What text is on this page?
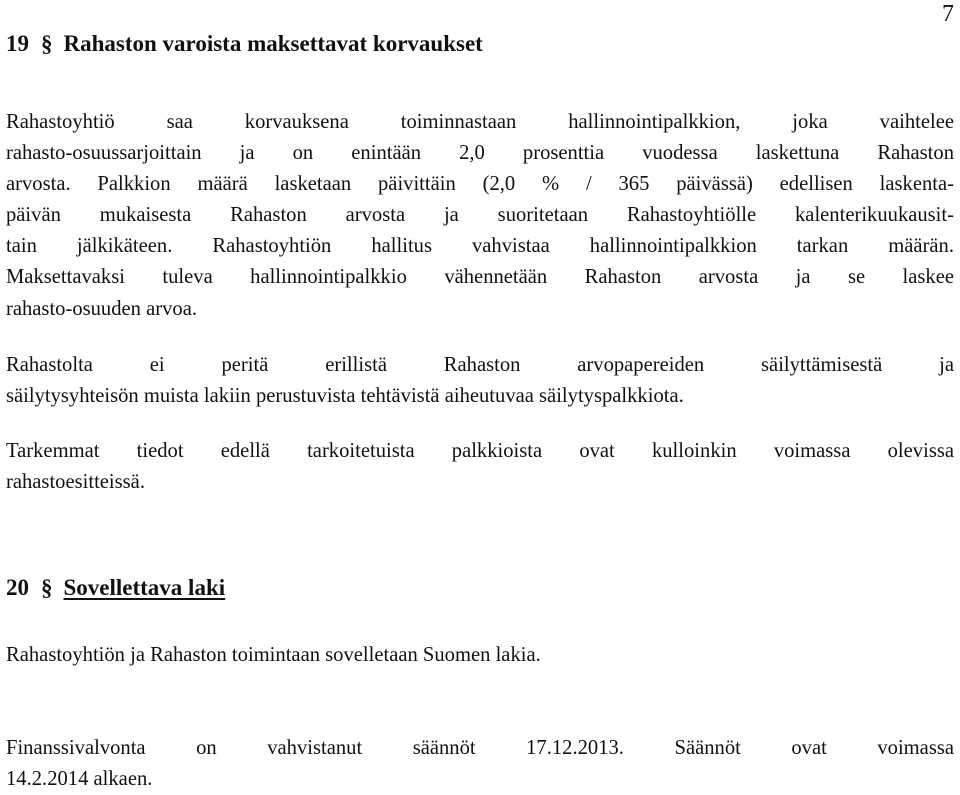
7
19 § Rahaston varoista maksettavat korvaukset
Rahastoyhtiö saa korvauksena toiminnastaan hallinnointipalkkion, joka vaihtelee
rahasto-osuussarjoittain ja on enintään 2,0 prosenttia vuodessa laskettuna Rahaston
arvosta. Palkkion määrä lasketaan päivittäin (2,0 % / 365 päivässä) edellisen laskenta-
päivän mukaisesta Rahaston arvosta ja suoritetaan Rahastoyhtiölle kalenterikuukausit-
tain jälkikäteen. Rahastoyhtiön hallitus vahvistaa hallinnointipalkkion tarkan määrän.
Maksettavaksi tuleva hallinnointipalkkio vähennetään Rahaston arvosta ja se laskee
rahasto-osuuden arvoa.
Rahastolta ei peritä erillistä Rahaston arvopapereiden säilyttämisestä ja
säilytysyhteisön muista lakiin perustuvista tehtävistä aiheutuvaa säilytyspalkkiota.
Tarkemmat tiedot edellä tarkoitetuista palkkioista ovat kulloinkin voimassa olevissa
rahastoesitteissä.
20 § Sovellettava laki
Rahastoyhtiön ja Rahaston toimintaan sovelletaan Suomen lakia.
Finanssivalvonta on vahvistanut säännöt 17.12.2013. Säännöt ovat voimassa
14.2.2014 alkaen.
